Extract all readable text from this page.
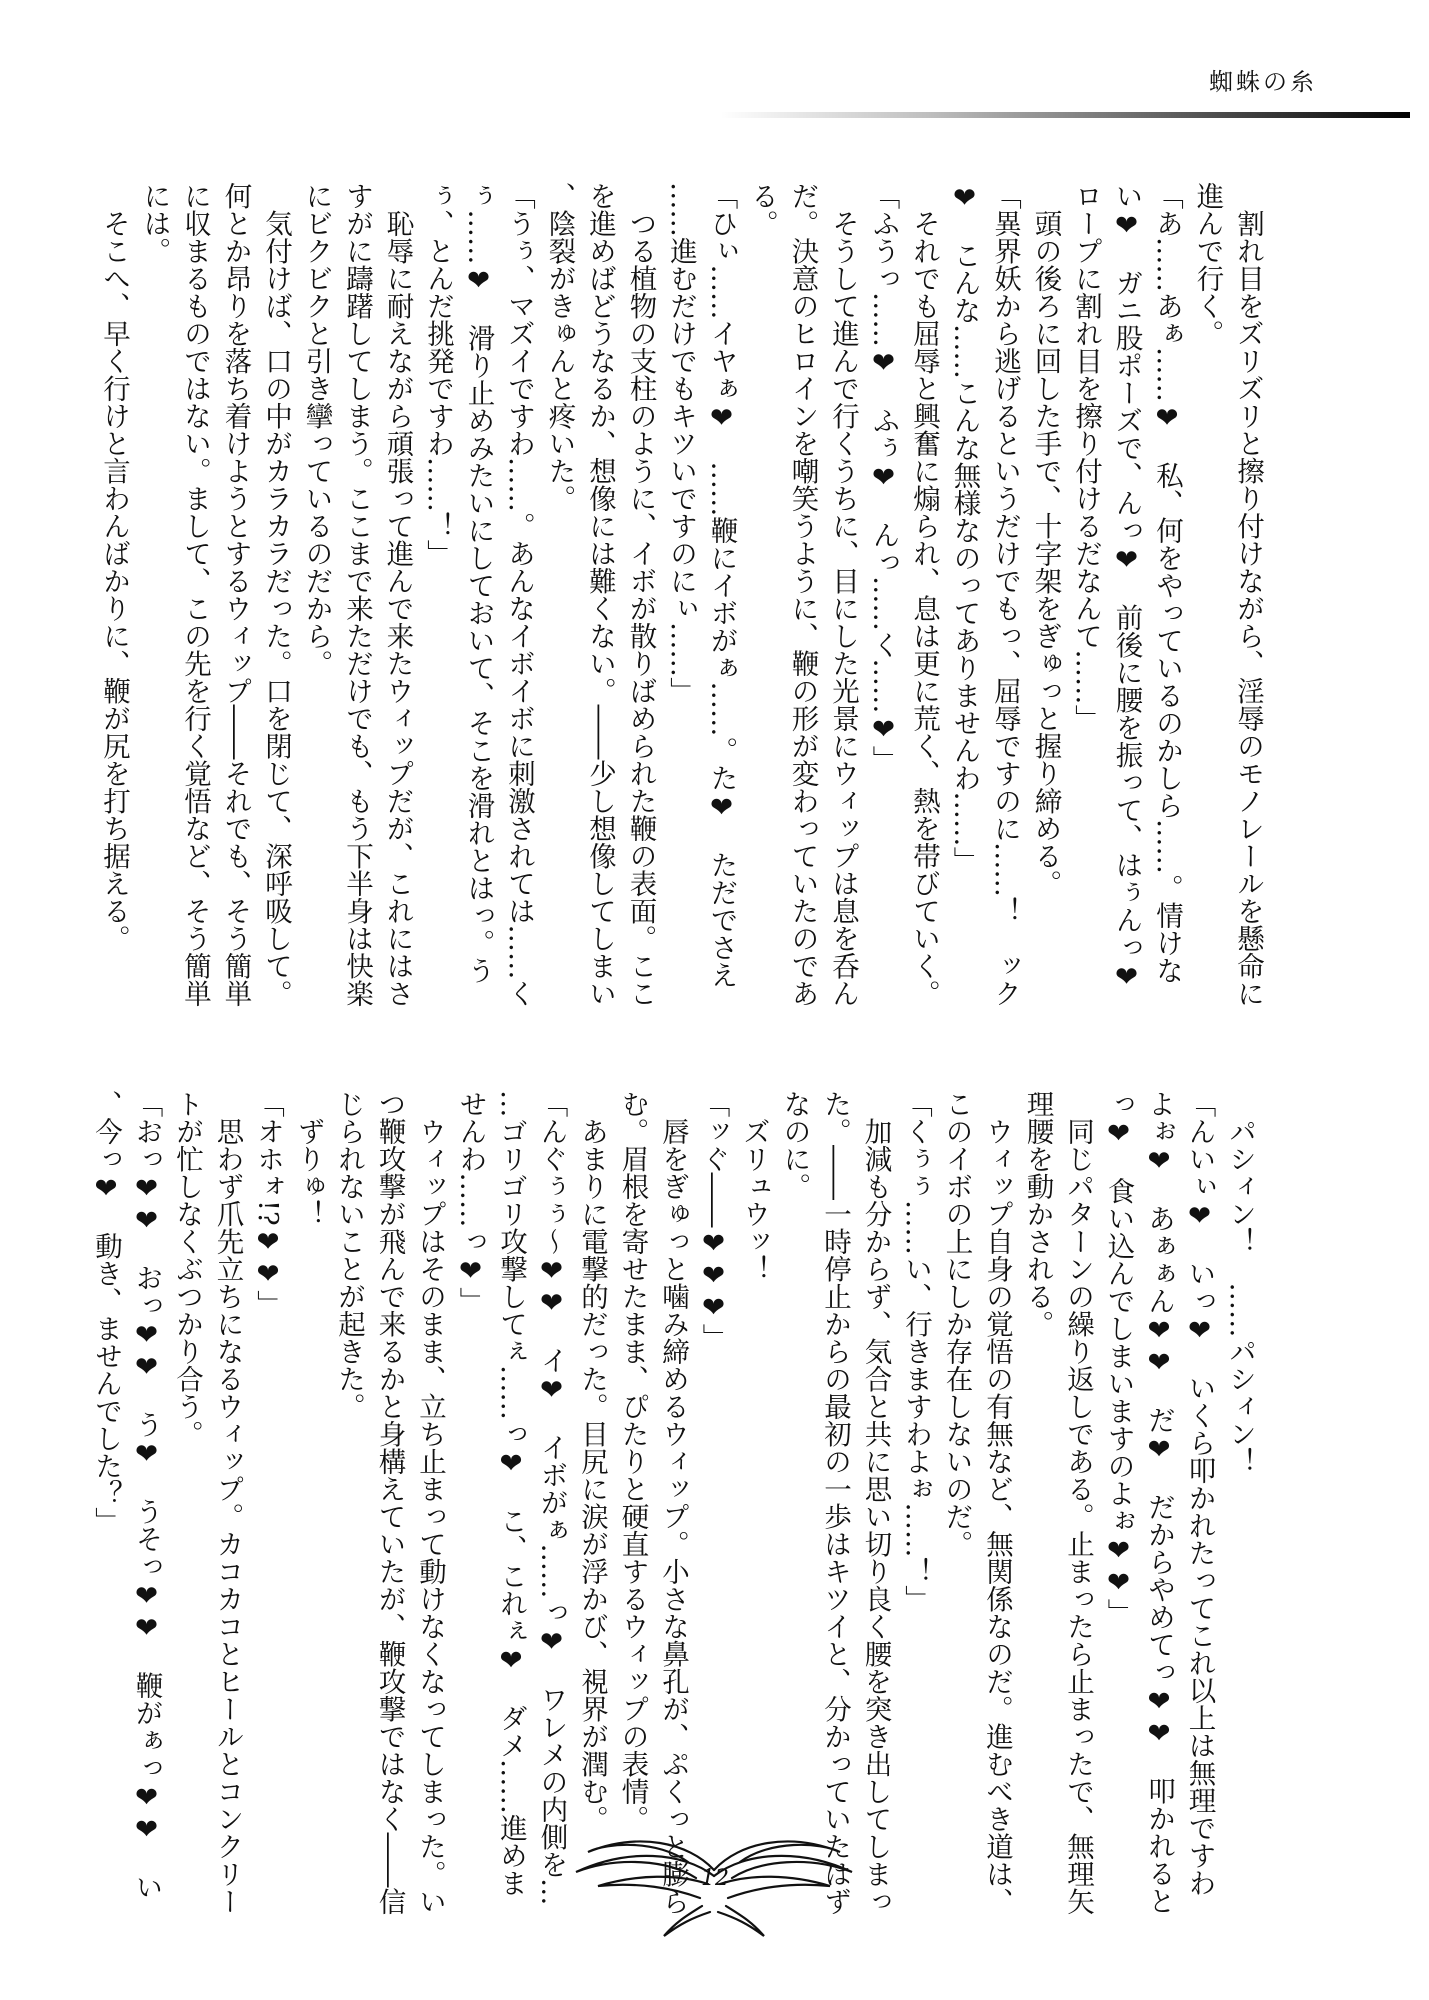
蜘蛛の糸

　割れ目をズリズリと擦り付けながら、淫辱のモノレールを懸命に進んで行く。

「あ……あぁ……❤　私、何をやっているのかしら……。情けない❤　ガニ股ポーズで、んっ❤　前後に腰を振って、はぅんっ❤　ロープに割れ目を擦り付けるだなんて……」

　頭の後ろに回した手で、十字架をぎゅっと握り締める。

「異界妖から逃げるというだけでもっ、屈辱ですのに……！　ック❤　こんな……こんな無様なのってありませんわ……」

　それでも屈辱と興奮に煽られ、息は更に荒く、熱を帯びていく。

「ふうっ……❤　ふぅ❤　んっ……く……❤」

　そうして進んで行くうちに、目にした光景にウィップは息を呑んだ。決意のヒロインを嘲笑うように、鞭の形が変わっていたのである。

「ひぃ……イヤぁ❤　……鞭にイボがぁ……。た❤　ただでさえ……進むだけでもキツいですのにぃ……」

　つる植物の支柱のように、イボが散りばめられた鞭の表面。ここを進めばどうなるか、想像には難くない。――少し想像してしまい、陰裂がきゅんと疼いた。

「うぅ、マズイですわ……。あんなイボイボに刺激されては……くぅ……❤　滑り止めみたいにしておいて、そこを滑れとはっ。うぅ、とんだ挑発ですわ……！」

　恥辱に耐えながら頑張って進んで来たウィップだが、これにはさすがに躊躇してしまう。ここまで来ただけでも、もう下半身は快楽にビクビクと引き攣っているのだから。

　気付けば、口の中がカラカラだった。口を閉じて、深呼吸して。何とか昂りを落ち着けようとするウィップ――それでも、そう簡単に収まるものではない。まして、この先を行く覚悟など、そう簡単には。

　そこへ、早く行けと言わんばかりに、鞭が尻を打ち据える。

　パシィン！　……パシィン！

「んいぃ❤　いっ❤　いくら叩かれたってこれ以上は無理ですわよぉ❤　あぁぁん❤❤　だ❤　だからやめてっ❤❤　叩かれるとっ❤　食い込んでしまいますのよぉ❤❤」

　同じパターンの繰り返しである。止まったら止まったで、無理矢理腰を動かされる。

　ウィップ自身の覚悟の有無など、無関係なのだ。進むべき道は、このイボの上にしか存在しないのだ。

「くぅぅ……い、行きますわよぉ……！」

　加減も分からず、気合と共に思い切り良く腰を突き出してしまった。――一時停止からの最初の一歩はキツイと、分かっていたはずなのに。

　ズリュウッ！

「ッぐ――❤❤❤」

　唇をぎゅっと噛み締めるウィップ。小さな鼻孔が、ぷくっと膨らむ。眉根を寄せたまま、ぴたりと硬直するウィップの表情。

　あまりに電撃的だった。目尻に涙が浮かび、視界が潤む。

「んぐぅぅ～❤❤　イ❤　イボがぁ……っ❤　ワレメの内側を……ゴリゴリ攻撃してぇ……っ❤　こ、これぇ❤　ダメ……進めませんわ……っ❤」

　ウィップはそのまま、立ち止まって動けなくなってしまった。いつ鞭攻撃が飛んで来るかと身構えていたが、鞭攻撃ではなく――信じられないことが起きた。

　ずりゅ！

「オホォ!?❤❤」

　思わず爪先立ちになるウィップ。カコカコとヒールとコンクリートが忙しなくぶつかり合う。

「おっ❤❤　おっ❤❤　う❤　うそっ❤❤　鞭がぁっ❤❤　い、今っ❤　動き、ませんでした？」

12
